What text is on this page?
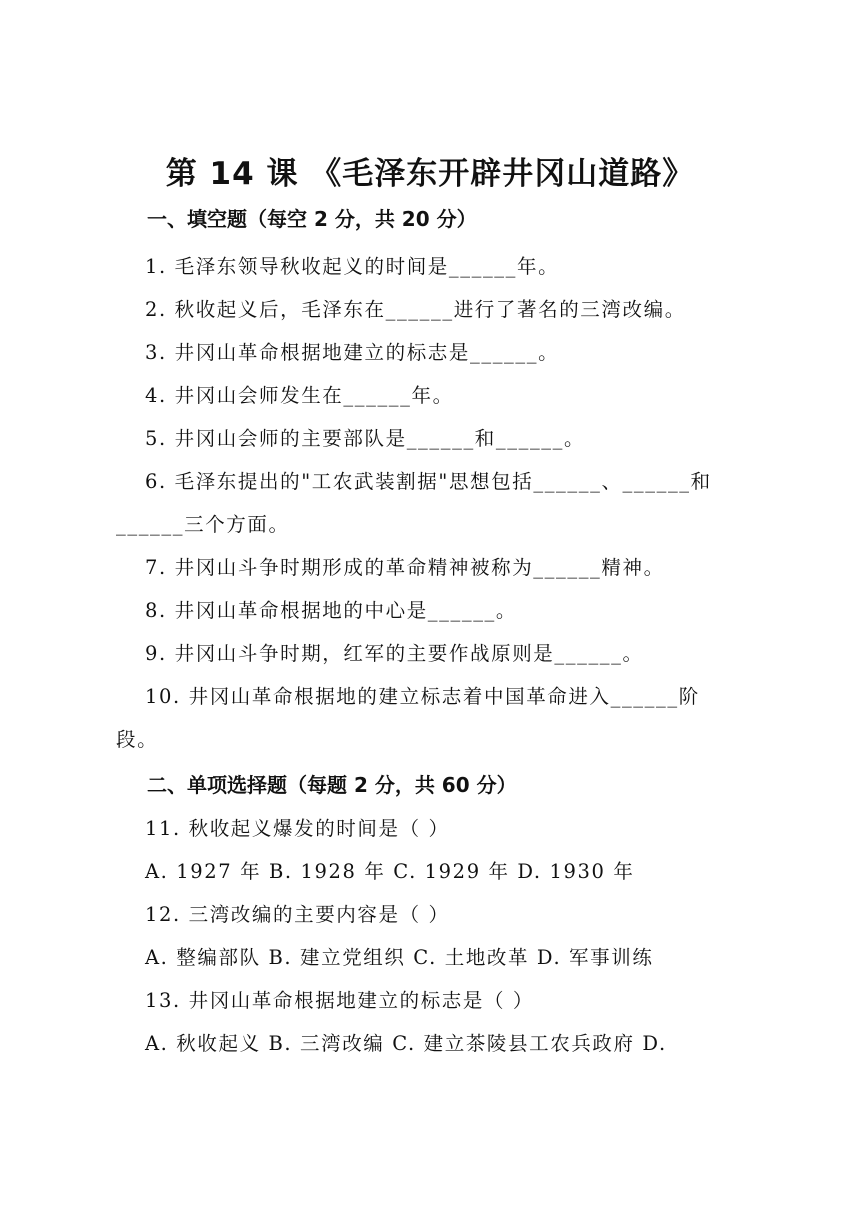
第 14 课 《毛泽东开辟井冈山道路》
一、填空题（每空 2 分，共 20 分）
1. 毛泽东领导秋收起义的时间是______年。
2. 秋收起义后，毛泽东在______进行了著名的三湾改编。
3. 井冈山革命根据地建立的标志是______。
4. 井冈山会师发生在______年。
5. 井冈山会师的主要部队是______和______。
6. 毛泽东提出的"工农武装割据"思想包括______、______和
______三个方面。
7. 井冈山斗争时期形成的革命精神被称为______精神。
8. 井冈山革命根据地的中心是______。
9. 井冈山斗争时期，红军的主要作战原则是______。
10. 井冈山革命根据地的建立标志着中国革命进入______阶
段。
二、单项选择题（每题 2 分，共 60 分）
11. 秋收起义爆发的时间是（ ）
A. 1927 年 B. 1928 年 C. 1929 年 D. 1930 年
12. 三湾改编的主要内容是（ ）
A. 整编部队 B. 建立党组织 C. 土地改革 D. 军事训练
13. 井冈山革命根据地建立的标志是（ ）
A. 秋收起义 B. 三湾改编 C. 建立茶陵县工农兵政府 D.
